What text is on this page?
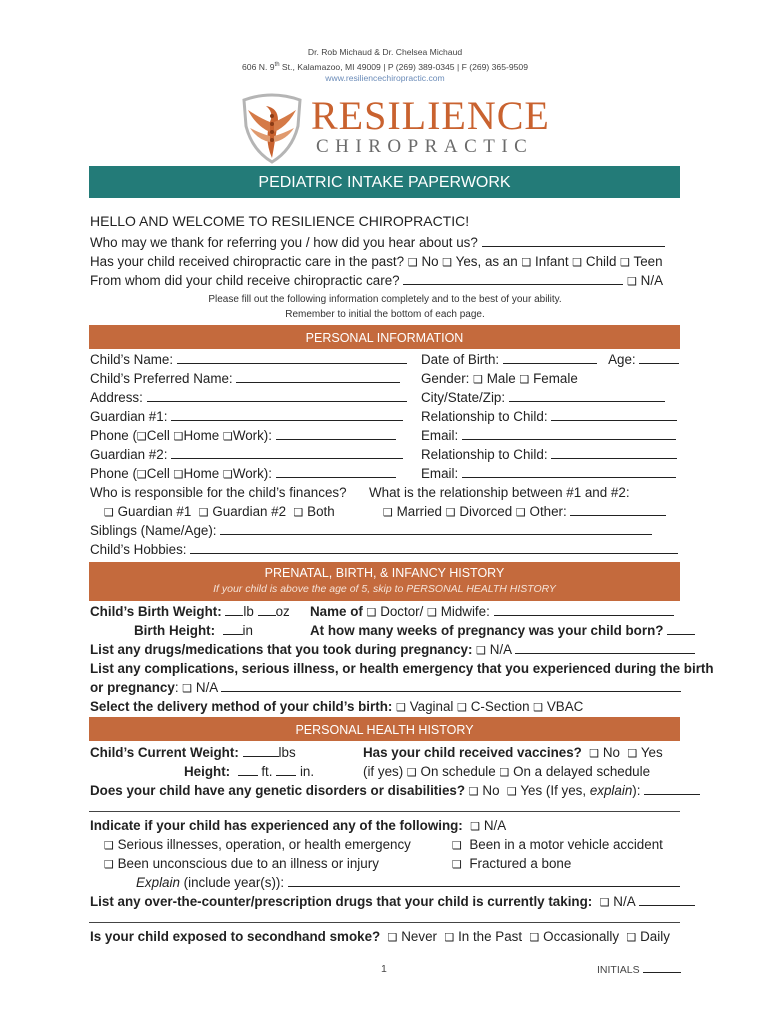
Dr. Rob Michaud & Dr. Chelsea Michaud
606 N. 9th St., Kalamazoo, MI 49009 | P (269) 389-0345 | F (269) 365-9509
www.resiliencechiropractic.com
RESILIENCE
CHIROPRACTIC
PEDIATRIC INTAKE PAPERWORK
HELLO AND WELCOME TO RESILIENCE CHIROPRACTIC!
Who may we thank for referring you / how did you hear about us?
Has your child received chiropractic care in the past? ❑ No ❑ Yes, as an ❑ Infant ❑ Child ❑ Teen
From whom did your child receive chiropractic care?	❑ N/A
Please fill out the following information completely and to the best of your ability.
Remember to initial the bottom of each page.
PERSONAL INFORMATION
Child’s Name:	Date of Birth:	Age:
Child’s Preferred Name:	Gender: ❑ Male ❑ Female
Address:	City/State/Zip:
Guardian #1:	Relationship to Child:
Phone (❑Cell ❑Home ❑Work):	Email:
Guardian #2:	Relationship to Child:
Phone (❑Cell ❑Home ❑Work):	Email:
Who is responsible for the child’s finances? What is the relationship between #1 and #2:
❑ Guardian #1 ❑ Guardian #2 ❑ Both	❑ Married ❑ Divorced ❑ Other:
Siblings (Name/Age):
Child’s Hobbies:
PRENATAL, BIRTH, & INFANCY HISTORY
If your child is above the age of 5, skip to PERSONAL HEALTH HISTORY
Child’s Birth Weight: lb oz Name of ❑ Doctor/ ❑ Midwife:
Birth Height: in	At how many weeks of pregnancy was your child born?
List any drugs/medications that you took during pregnancy: ❑ N/A
List any complications, serious illness, or health emergency that you experienced during the birth
or pregnancy: ❑ N/A
Select the delivery method of your child’s birth: ❑ Vaginal ❑ C-Section ❑ VBAC
PERSONAL HEALTH HISTORY
Child’s Current Weight:	lbs	Has your child received vaccines? ❑ No ❑ Yes
Height: ft. in.	(if yes) ❑ On schedule ❑ On a delayed schedule
Does your child have any genetic disorders or disabilities? ❑ No ❑ Yes (If yes, explain):
Indicate if your child has experienced any of the following: ❑ N/A
❑ Serious illnesses, operation, or health emergency	❑ Been in a motor vehicle accident
❑ Been unconscious due to an illness or injury	❑ Fractured a bone
Explain (include year(s)):
List any over-the-counter/prescription drugs that your child is currently taking: ❑ N/A
Is your child exposed to secondhand smoke? ❑ Never ❑ In the Past ❑ Occasionally ❑ Daily
1	INITIALS
